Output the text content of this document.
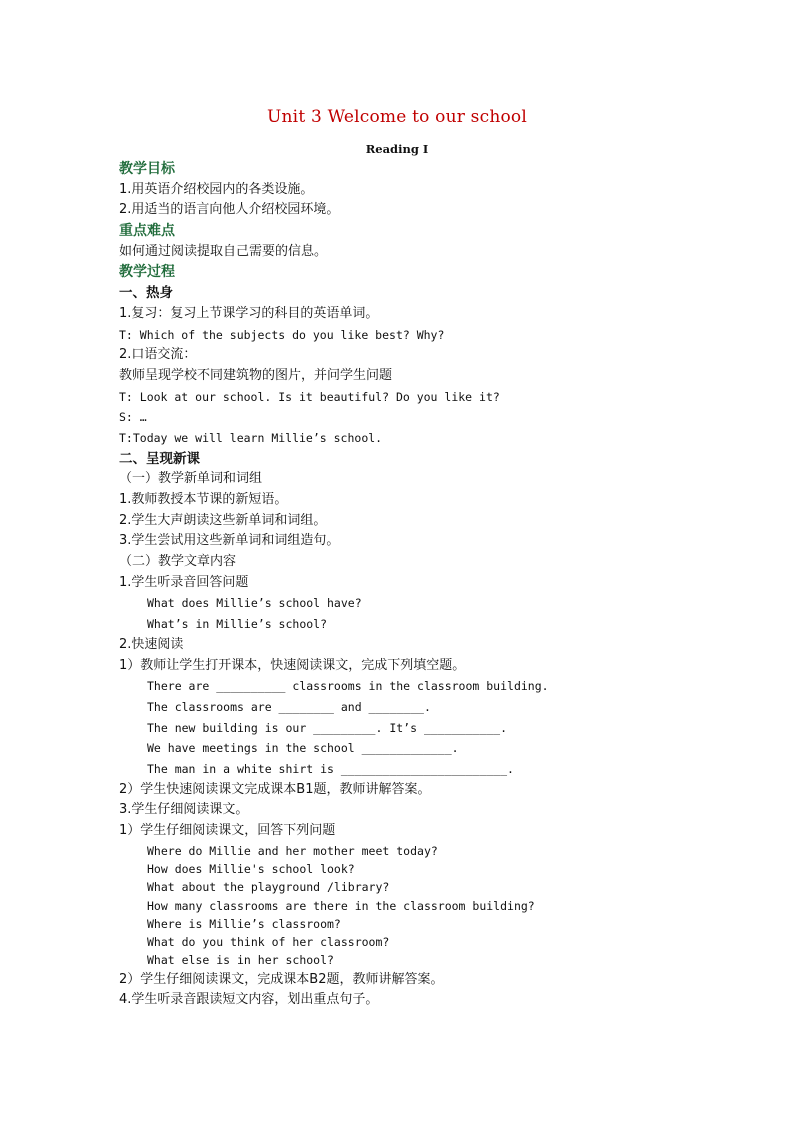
Unit 3 Welcome to our school
Reading Ⅰ
教学目标
1.用英语介绍校园内的各类设施。
2.用适当的语言向他人介绍校园环境。
重点难点
如何通过阅读提取自己需要的信息。
教学过程
一、热身
1.复习：复习上节课学习的科目的英语单词。
T: Which of the subjects do you like best? Why?
2.口语交流：
教师呈现学校不同建筑物的图片，并问学生问题
T: Look at our school. Is it beautiful? Do you like it?
S: …
T:Today we will learn Millie’s school.
二、呈现新课
（一）教学新单词和词组
1.教师教授本节课的新短语。
2.学生大声朗读这些新单词和词组。
3.学生尝试用这些新单词和词组造句。
（二）教学文章内容
1.学生听录音回答问题
What does Millie’s school have?
What’s in Millie’s school?
2.快速阅读
1）教师让学生打开课本，快速阅读课文，完成下列填空题。
There are __________ classrooms in the classroom building.
The classrooms are ________ and ________.
The new building is our _________. It’s ___________.
We have meetings in the school _____________.
The man in a white shirt is ________________________.
2）学生快速阅读课文完成课本B1题，教师讲解答案。
3.学生仔细阅读课文。
1）学生仔细阅读课文，回答下列问题
Where do Millie and her mother meet today?
How does Millie's school look?
What about the playground /library?
How many classrooms are there in the classroom building?
Where is Millie’s classroom?
What do you think of her classroom?
What else is in her school?
2）学生仔细阅读课文，完成课本B2题，教师讲解答案。
4.学生听录音跟读短文内容，划出重点句子。
